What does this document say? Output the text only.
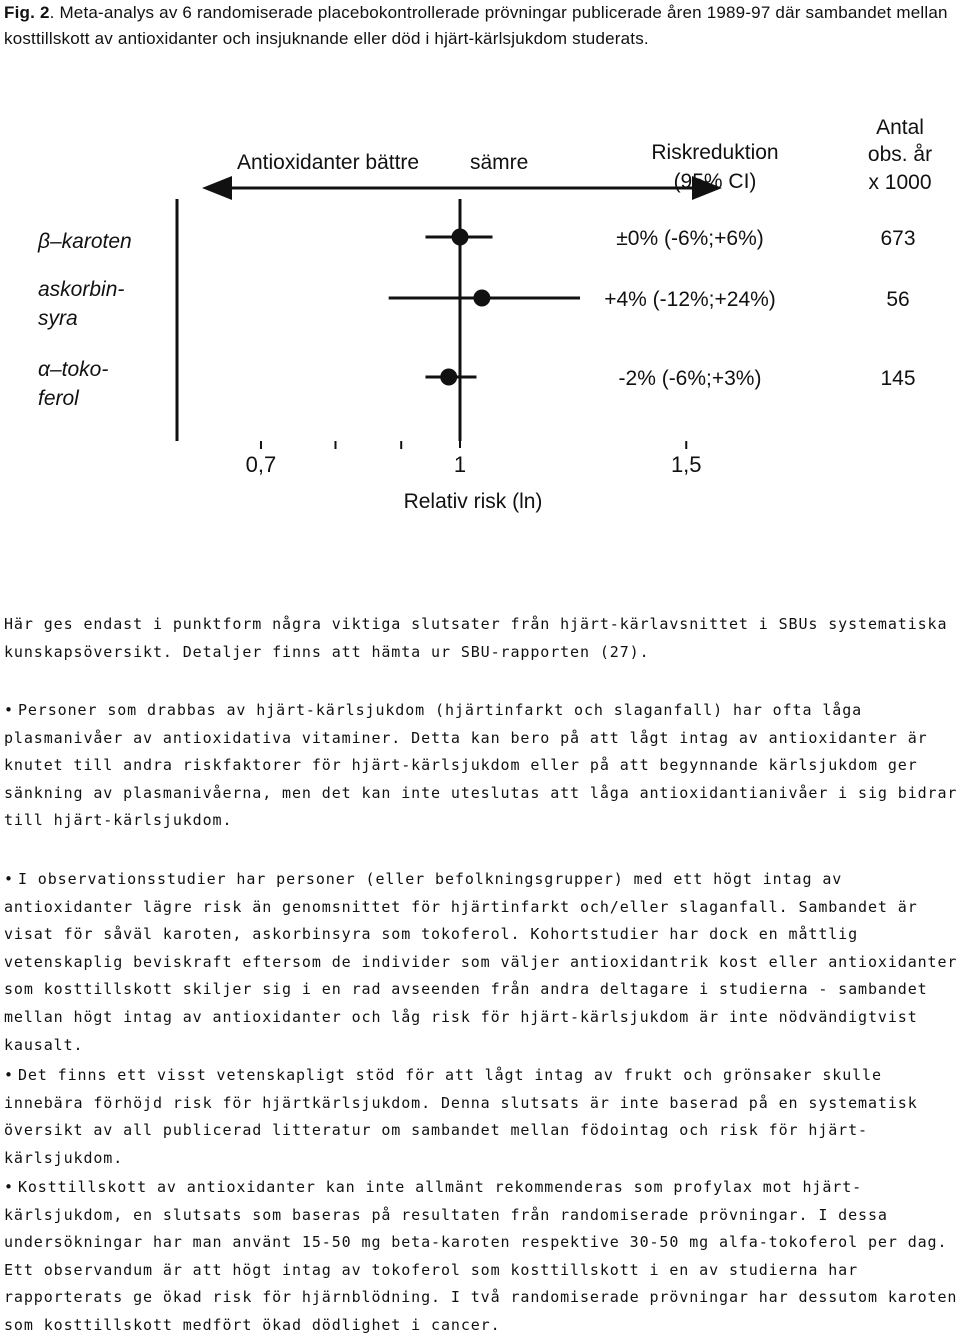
Fig. 2. Meta-analys av 6 randomiserade placebokontrollerade prövningar publicerade åren 1989-97 där sambandet mellan kosttillskott av antioxidanter och insjuknande eller död i hjärt-kärlsjukdom studerats.
Antioxidanter bättre sämre	Riskreduktion
(95% CI)
Antal
obs. år
x 1000
Relativ risk (ln)
β–karoten	±0% (-6%;+6%)	673
askorbin-
syra
+4% (-12%;+24%)	56
α–toko-
ferol
-2% (-6%;+3%)	145
0,7	1	1,5

Här ges endast i punktform några viktiga slutsater från hjärt-kärlavsnittet i SBUs systematiska kunskapsöversikt. Detaljer finns att hämta ur SBU-rapporten (27).

• Personer som drabbas av hjärt-kärlsjukdom (hjärtinfarkt och slaganfall) har ofta låga plasmanivåer av antioxidativa vitaminer. Detta kan bero på att lågt intag av antioxidanter är knutet till andra riskfaktorer för hjärt-kärlsjukdom eller på att begynnande kärlsjukdom ger sänkning av plasmanivåerna, men det kan inte uteslutas att låga antioxidantianivåer i sig bidrar till hjärt-kärlsjukdom.

• I observationsstudier har personer (eller befolkningsgrupper) med ett högt intag av antioxidanter lägre risk än genomsnittet för hjärtinfarkt och/eller slaganfall. Sambandet är visat för såväl karoten, askorbinsyra som tokoferol. Kohortstudier har dock en måttlig vetenskaplig beviskraft eftersom de individer som väljer antioxidantrik kost eller antioxidanter som kosttillskott skiljer sig i en rad avseenden från andra deltagare i studierna - sambandet mellan högt intag av antioxidanter och låg risk för hjärt-kärlsjukdom är inte nödvändigtvist kausalt.

• Det finns ett visst vetenskapligt stöd för att lågt intag av frukt och grönsaker skulle innebära förhöjd risk för hjärtkärlsjukdom. Denna slutsats är inte baserad på en systematisk översikt av all publicerad litteratur om sambandet mellan födointag och risk för hjärt-kärlsjukdom.

• Kosttillskott av antioxidanter kan inte allmänt rekommenderas som profylax mot hjärt-kärlsjukdom, en slutsats som baseras på resultaten från randomiserade prövningar. I dessa undersökningar har man använt 15-50 mg beta-karoten respektive 30-50 mg alfa-tokoferol per dag. Ett observandum är att högt intag av tokoferol som kosttillskott i en av studierna har rapporterats ge ökad risk för hjärnblödning. I två randomiserade prövningar har dessutom karoten som kosttillskott medfört ökad dödlighet i cancer.
